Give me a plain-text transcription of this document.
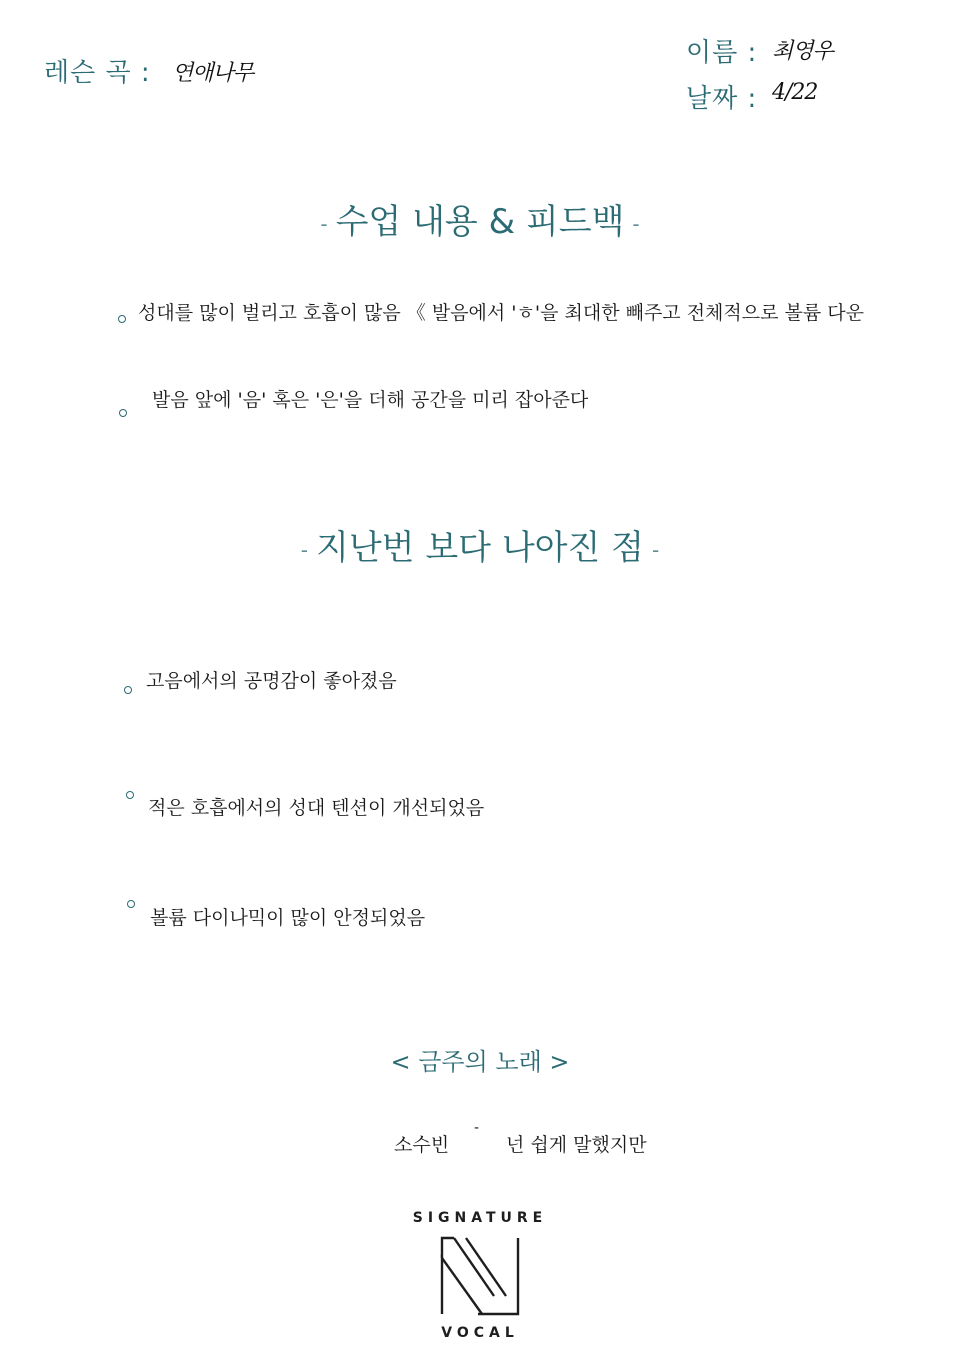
레슨 곡 : 연애나무
이름 : 최영우
날짜 : 4/22
- 수업 내용 & 피드백 -
성대를 많이 벌리고 호흡이 많음 《 발음에서 'ㅎ'을 최대한 빼주고 전체적으로 볼륨 다운
발음 앞에 '음' 혹은 '은'을 더해 공간을 미리 잡아준다
- 지난번 보다 나아진 점 -
고음에서의 공명감이 좋아졌음
적은 호흡에서의 성대 텐션이 개선되었음
볼륨 다이나믹이 많이 안정되었음
< 금주의 노래 >
소수빈
-
넌 쉽게 말했지만
SIGNATURE
VOCAL
